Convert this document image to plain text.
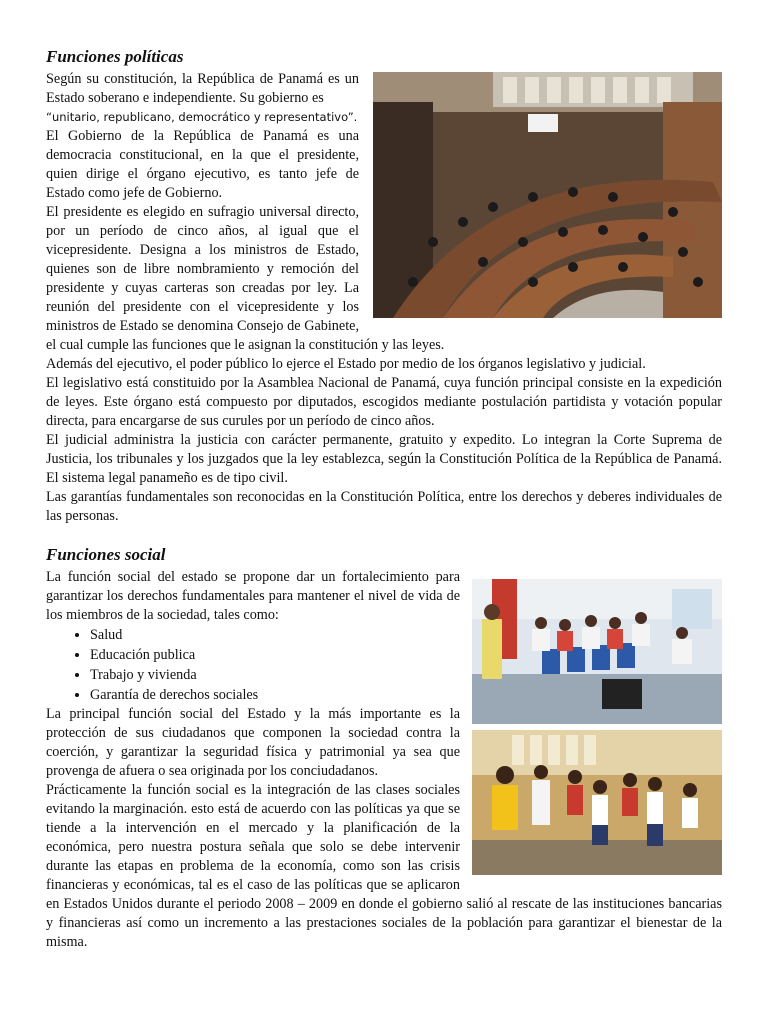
Funciones políticas

Según su constitución, la República de Panamá es un Estado soberano e independiente. Su gobierno es
“unitario, republicano, democrático y representativo”.

El Gobierno de la República de Panamá es una democracia constitucional, en la que el presidente, quien dirige el órgano ejecutivo, es tanto jefe de Estado como jefe de Gobierno.

El presidente es elegido en sufragio universal directo, por un período de cinco años, al igual que el vicepresidente. Designa a los ministros de Estado, quienes son de libre nombramiento y remoción del presidente y cuyas carteras son creadas por ley. La reunión del presidente con el vicepresidente y los ministros de Estado se denomina Consejo de Gabinete, el cual cumple las funciones que le asignan la constitución y las leyes.

Además del ejecutivo, el poder público lo ejerce el Estado por medio de los órganos legislativo y judicial.

El legislativo está constituido por la Asamblea Nacional de Panamá, cuya función principal consiste en la expedición de leyes. Este órgano está compuesto por diputados, escogidos mediante postulación partidista y votación popular directa, para encargarse de sus curules por un período de cinco años.

El judicial administra la justicia con carácter permanente, gratuito y expedito. Lo integran la Corte Suprema de Justicia, los tribunales y los juzgados que la ley establezca, según la Constitución Política de la República de Panamá. El sistema legal panameño es de tipo civil.

Las garantías fundamentales son reconocidas en la Constitución Política, entre los derechos y deberes individuales de las personas.

Funciones social

La función social del estado se propone dar un fortalecimiento para garantizar los derechos fundamentales para mantener el nivel de vida de los miembros de la sociedad, tales como:

• Salud
• Educación publica
• Trabajo y vivienda
• Garantía de derechos sociales

La principal función social del Estado y la más importante es la protección de sus ciudadanos que componen la sociedad contra la coerción, y garantizar la seguridad física y patrimonial ya sea que provenga de afuera o sea originada por los conciudadanos.

Prácticamente la función social es la integración de las clases sociales evitando la marginación. esto está de acuerdo con las políticas ya que se tiende a la intervención en el mercado y la planificación de la económica, pero nuestra postura señala que solo se debe intervenir durante las etapas en problema de la economía, como son las crisis financieras y económicas, tal es el caso de las políticas que se aplicaron en Estados Unidos durante el periodo 2008 – 2009 en donde el gobierno salió al rescate de las instituciones bancarias y financieras así como un incremento a las prestaciones sociales de la población para garantizar el bienestar de la misma.
